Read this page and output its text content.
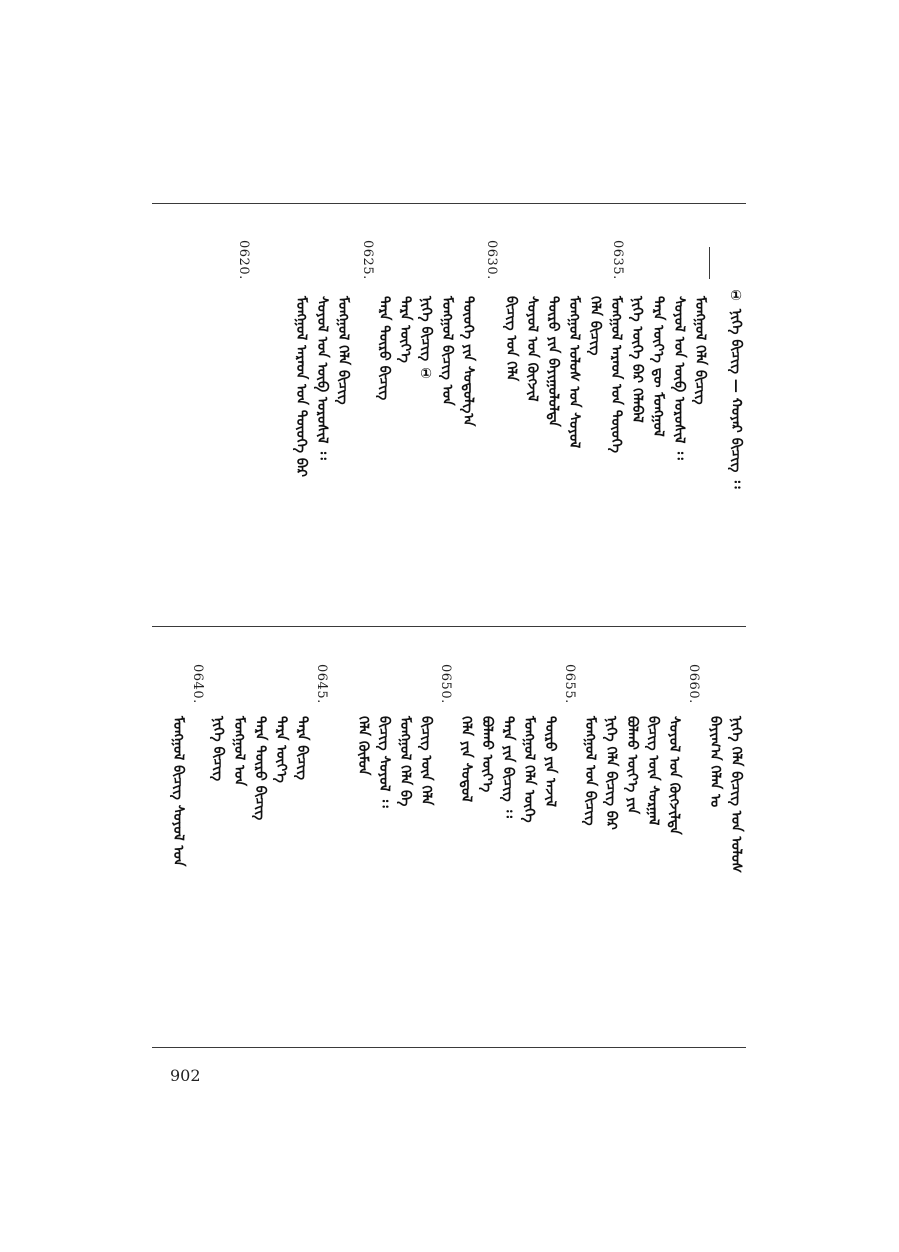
① ᠨᠢᠭᠡ ᠪᠢᠴᠢᠭ — ᠬᠣᠶᠠᠷ ᠪᠢᠴᠢᠭ ᠄᠄
0635.
0630.
0625.
0620.
ᠮᠣᠩᠭᠣᠯ ᠬᠡᠯᠡ ᠪᠢᠴᠢᠭ
ᠰᠣᠶᠣᠯ ᠤᠨ ᠦᠪ ᠣᠷᠣᠰᠢᠯ ᠄᠄
ᠲᠡᠷᠡ ᠦᠶ᠎ᠡ ᠳᠦ ᠮᠣᠩᠭᠣᠯ
ᠨᠢᠭᠡ ᠦᠭᠡ ᠪᠡᠷ ᠬᠡᠯᠡᠪᠡᠯ
ᠮᠣᠩᠭᠣᠯ ᠠᠷᠠᠳ ᠤᠨ ᠲᠦᠦᠬᠡ
ᠬᠡᠯᠡ ᠪᠢᠴᠢᠭ
ᠮᠣᠩᠭᠣᠯ ᠤᠯᠤᠰ ᠤᠨ ᠰᠣᠶᠣᠯ
ᠲᠦᠷᠦ ᠶᠢᠨ ᠪᠠᠶᠢᠭᠤᠯᠤᠯᠲᠠ
ᠰᠣᠶᠣᠯ ᠤᠨ ᠬᠥᠭᠵᠢᠯ
ᠪᠢᠴᠢᠭ ᠤᠨ ᠬᠡᠯᠡ
ᠲᠦᠦᠬᠡ ᠶᠢᠨ ᠰᠤᠳᠤᠯᠭ᠎ᠠ
ᠮᠣᠩᠭᠣᠯ ᠪᠢᠴᠢᠭ ᠤᠨ
ᠨᠢᠭᠡ ᠪᠢᠴᠢᠭ ①
ᠲᠡᠷᠡ ᠦᠶ᠎ᠡ
ᠲᠡᠷᠡ ᠲᠦᠷᠦ ᠪᠢᠴᠢᠭ
ᠮᠣᠩᠭᠣᠯ ᠬᠡᠯᠡ ᠪᠢᠴᠢᠭ
ᠰᠣᠶᠣᠯ ᠤᠨ ᠦᠪ ᠣᠷᠣᠰᠢᠯ ᠄᠄
ᠮᠣᠩᠭᠣᠯ ᠠᠷᠠᠳ ᠤᠨ ᠲᠦᠦᠬᠡ ᠪᠠᠷ
0660.
0655.
0650.
0645.
0640.
ᠨᠢᠭᠡ ᠬᠡᠯᠡ ᠪᠢᠴᠢᠭ ᠤᠨ ᠤᠯᠤᠰ
ᠪᠠᠶᠢᠭ᠎ᠠ ᠬᠡᠯᠡᠨ ᠤ
ᠰᠣᠶᠣᠯ ᠤᠨ ᠬᠥᠭᠵᠢᠯᠲᠡ
ᠪᠢᠴᠢᠭ᠌ ᠦᠨ ᠰᠤᠷᠭᠠᠯ
ᠪᠣᠯᠬᠣ ᠦᠶ᠎ᠡ ᠶᠢᠨ
ᠨᠢᠭᠡ ᠬᠡᠯᠡ ᠪᠢᠴᠢᠭ ᠪᠡᠷ
ᠮᠣᠩᠭᠣᠯ ᠤᠨ ᠪᠢᠴᠢᠭ
ᠲᠦᠷᠦ ᠶᠢᠨ ᠠᠵᠢᠯ
ᠮᠣᠩᠭᠣᠯ ᠬᠡᠯᠡ ᠦᠭᠡ
ᠲᠡᠷᠡ ᠶᠢᠨ ᠪᠢᠴᠢᠭ ᠄᠄
ᠪᠣᠯᠬᠣ ᠦᠶ᠎ᠡ
ᠬᠡᠯᠡ ᠶᠢᠨ ᠰᠤᠳᠤᠯ
ᠪᠢᠴᠢᠭ᠌ ᠦᠨ ᠬᠡᠯᠡ
ᠮᠣᠩᠭᠣᠯ ᠬᠡᠯᠡ ᠪᠠ
ᠪᠢᠴᠢᠭ ᠰᠣᠶᠣᠯ ᠄᠄
ᠬᠡᠯᠡ ᠬᠦᠮᠦᠨ
ᠲᠡᠷᠡ ᠪᠢᠴᠢᠭ
ᠲᠡᠷᠡ ᠦᠶ᠎ᠡ
ᠲᠡᠷᠡ ᠲᠦᠷᠦ ᠪᠢᠴᠢᠭ
ᠮᠣᠩᠭᠣᠯ ᠤᠨ
ᠨᠢᠭᠡ ᠪᠢᠴᠢᠭ
ᠮᠣᠩᠭᠣᠯ ᠪᠢᠴᠢᠭ ᠰᠣᠶᠣᠯ ᠤᠨ
902
